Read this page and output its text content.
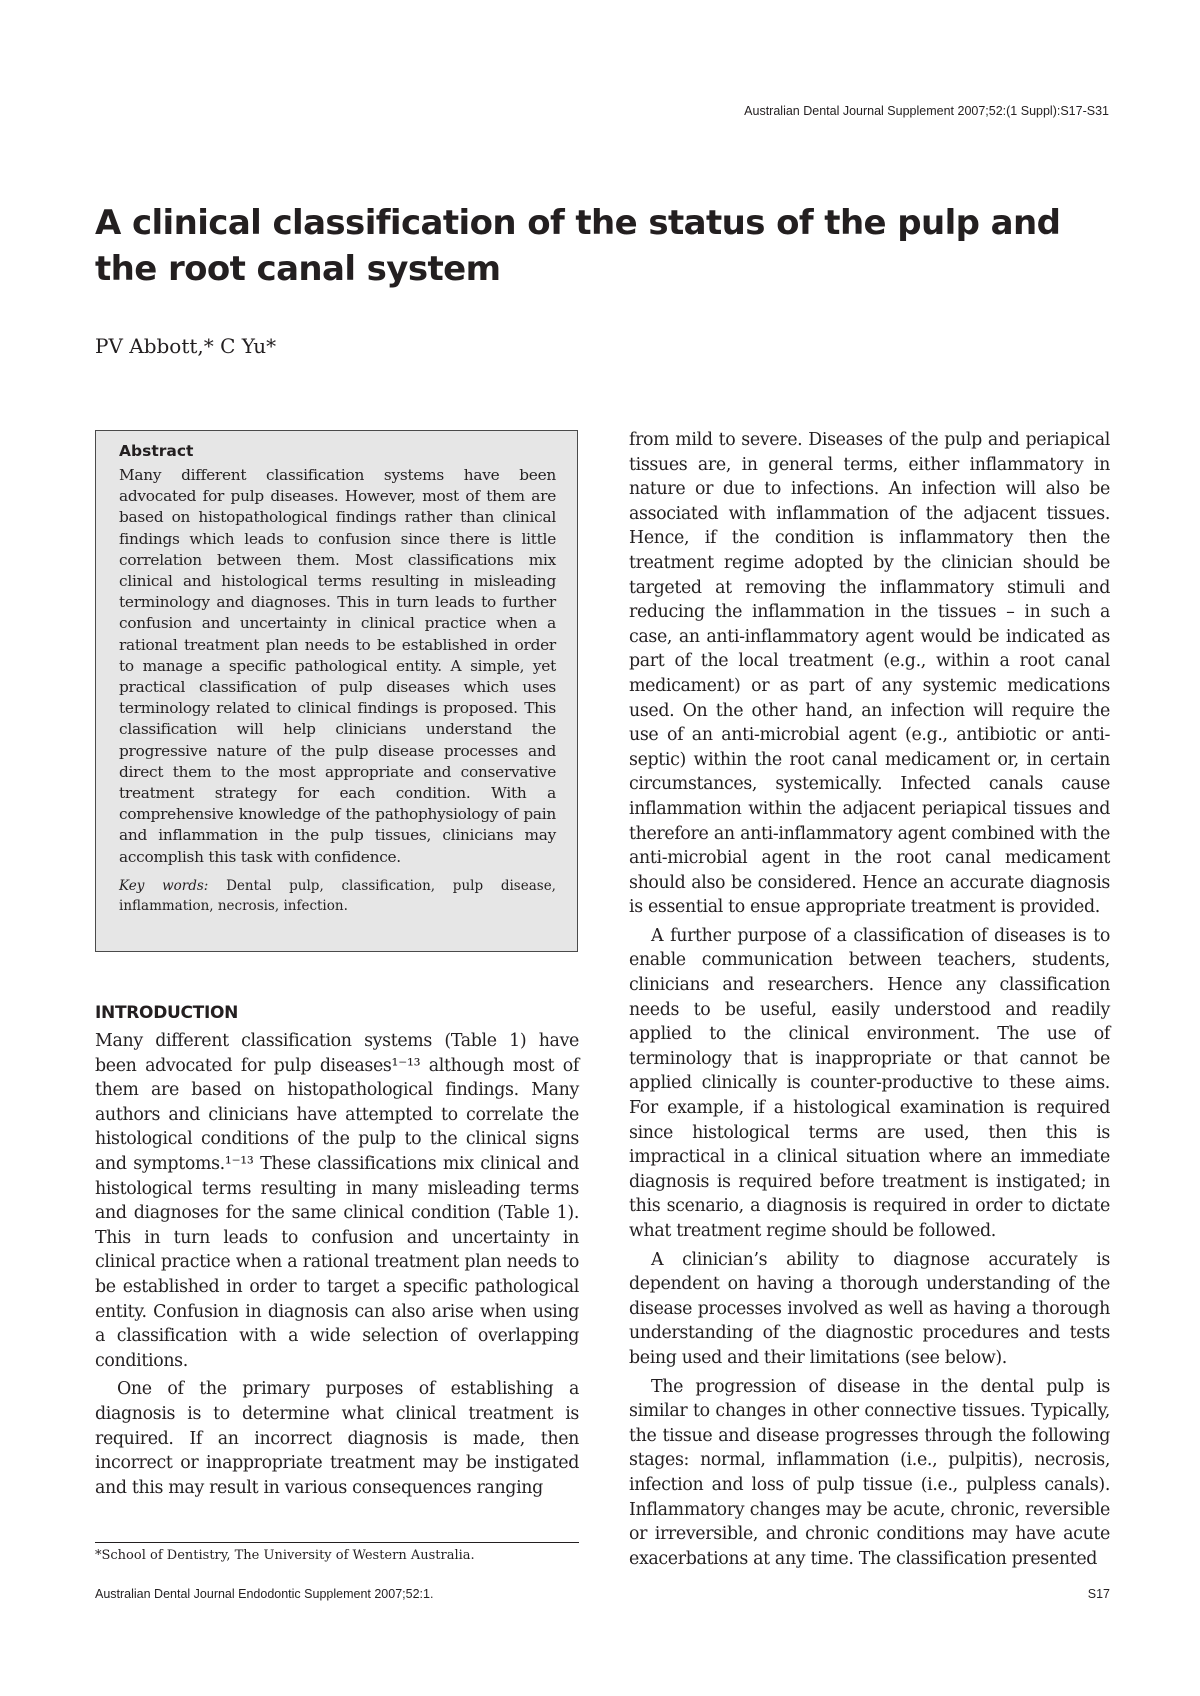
Australian Dental Journal Supplement 2007;52:(1 Suppl):S17-S31
A clinical classification of the status of the pulp and the root canal system

PV Abbott,* C Yu*

Abstract

Many different classification systems have been advocated for pulp diseases. However, most of them are based on histopathological findings rather than clinical findings which leads to confusion since there is little correlation between them. Most classifications mix clinical and histological terms resulting in misleading terminology and diagnoses. This in turn leads to further confusion and uncertainty in clinical practice when a rational treatment plan needs to be established in order to manage a specific pathological entity. A simple, yet practical classification of pulp diseases which uses terminology related to clinical findings is proposed. This classification will help clinicians understand the progressive nature of the pulp disease processes and direct them to the most appropriate and conservative treatment strategy for each condition. With a comprehensive knowledge of the pathophysiology of pain and inflammation in the pulp tissues, clinicians may accomplish this task with confidence.

Key words: Dental pulp, classification, pulp disease, inflammation, necrosis, infection.

INTRODUCTION

Many different classification systems (Table 1) have been advocated for pulp diseases¹⁻¹³ although most of them are based on histopathological findings. Many authors and clinicians have attempted to correlate the histological conditions of the pulp to the clinical signs and symptoms.¹⁻¹³ These classifications mix clinical and histological terms resulting in many misleading terms and diagnoses for the same clinical condition (Table 1). This in turn leads to confusion and uncertainty in clinical practice when a rational treatment plan needs to be established in order to target a specific pathological entity. Confusion in diagnosis can also arise when using a classification with a wide selection of overlapping conditions.

One of the primary purposes of establishing a diagnosis is to determine what clinical treatment is required. If an incorrect diagnosis is made, then incorrect or inappropriate treatment may be instigated and this may result in various consequences ranging

from mild to severe. Diseases of the pulp and periapical tissues are, in general terms, either inflammatory in nature or due to infections. An infection will also be associated with inflammation of the adjacent tissues. Hence, if the condition is inflammatory then the treatment regime adopted by the clinician should be targeted at removing the inflammatory stimuli and reducing the inflammation in the tissues – in such a case, an anti-inflammatory agent would be indicated as part of the local treatment (e.g., within a root canal medicament) or as part of any systemic medications used. On the other hand, an infection will require the use of an anti-microbial agent (e.g., antibiotic or anti-septic) within the root canal medicament or, in certain circumstances, systemically. Infected canals cause inflammation within the adjacent periapical tissues and therefore an anti-inflammatory agent combined with the anti-microbial agent in the root canal medicament should also be considered. Hence an accurate diagnosis is essential to ensue appropriate treatment is provided.

A further purpose of a classification of diseases is to enable communication between teachers, students, clinicians and researchers. Hence any classification needs to be useful, easily understood and readily applied to the clinical environment. The use of terminology that is inappropriate or that cannot be applied clinically is counter-productive to these aims. For example, if a histological examination is required since histological terms are used, then this is impractical in a clinical situation where an immediate diagnosis is required before treatment is instigated; in this scenario, a diagnosis is required in order to dictate what treatment regime should be followed.

A clinician’s ability to diagnose accurately is dependent on having a thorough understanding of the disease processes involved as well as having a thorough understanding of the diagnostic procedures and tests being used and their limitations (see below).

The progression of disease in the dental pulp is similar to changes in other connective tissues. Typically, the tissue and disease progresses through the following stages: normal, inflammation (i.e., pulpitis), necrosis, infection and loss of pulp tissue (i.e., pulpless canals). Inflammatory changes may be acute, chronic, reversible or irreversible, and chronic conditions may have acute exacerbations at any time. The classification presented

*School of Dentistry, The University of Western Australia.
Australian Dental Journal Endodontic Supplement 2007;52:1.	S17
